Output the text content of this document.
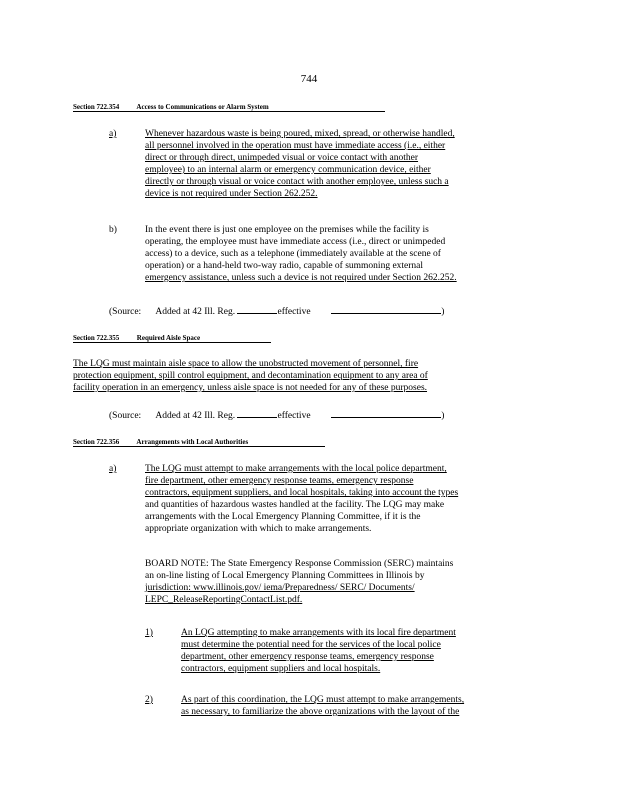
744
Section 722.354 Access to Communications or Alarm System
a)	Whenever hazardous waste is being poured, mixed, spread, or otherwise handled,
all personnel involved in the operation must have immediate access (i.e., either
direct or through direct, unimpeded visual or voice contact with another
employee) to an internal alarm or emergency communication device, either
directly or through visual or voice contact with another employee, unless such a
device is not required under Section 262.252.
b)	In the event there is just one employee on the premises while the facility is
operating, the employee must have immediate access (i.e., direct or unimpeded
access) to a device, such as a telephone (immediately available at the scene of
operation) or a hand-held two-way radio, capable of summoning external
emergency assistance, unless such a device is not required under Section 262.252.
(Source: Added at 42 Ill. Reg.	effective	)
Section 722.355	Required Aisle Space
The LQG must maintain aisle space to allow the unobstructed movement of personnel, fire
protection equipment, spill control equipment, and decontamination equipment to any area of
facility operation in an emergency, unless aisle space is not needed for any of these purposes.
(Source: Added at 42 Ill. Reg.	effective	)
Section 722.356 Arrangements with Local Authorities
a)	The LQG must attempt to make arrangements with the local police department,
fire department, other emergency response teams, emergency response
contractors, equipment suppliers, and local hospitals, taking into account the types
and quantities of hazardous wastes handled at the facility. The LQG may make
arrangements with the Local Emergency Planning Committee, if it is the
appropriate organization with which to make arrangements.
BOARD NOTE: The State Emergency Response Commission (SERC) maintains
an on-line listing of Local Emergency Planning Committees in Illinois by
jurisdiction: www.illinois.gov/ iema/Preparedness/ SERC/ Documents/
LEPC_ReleaseReportingContactList.pdf.
1)	An LQG attempting to make arrangements with its local fire department
must determine the potential need for the services of the local police
department, other emergency response teams, emergency response
contractors, equipment suppliers and local hospitals.
2)	As part of this coordination, the LQG must attempt to make arrangements,
as necessary, to familiarize the above organizations with the layout of the
